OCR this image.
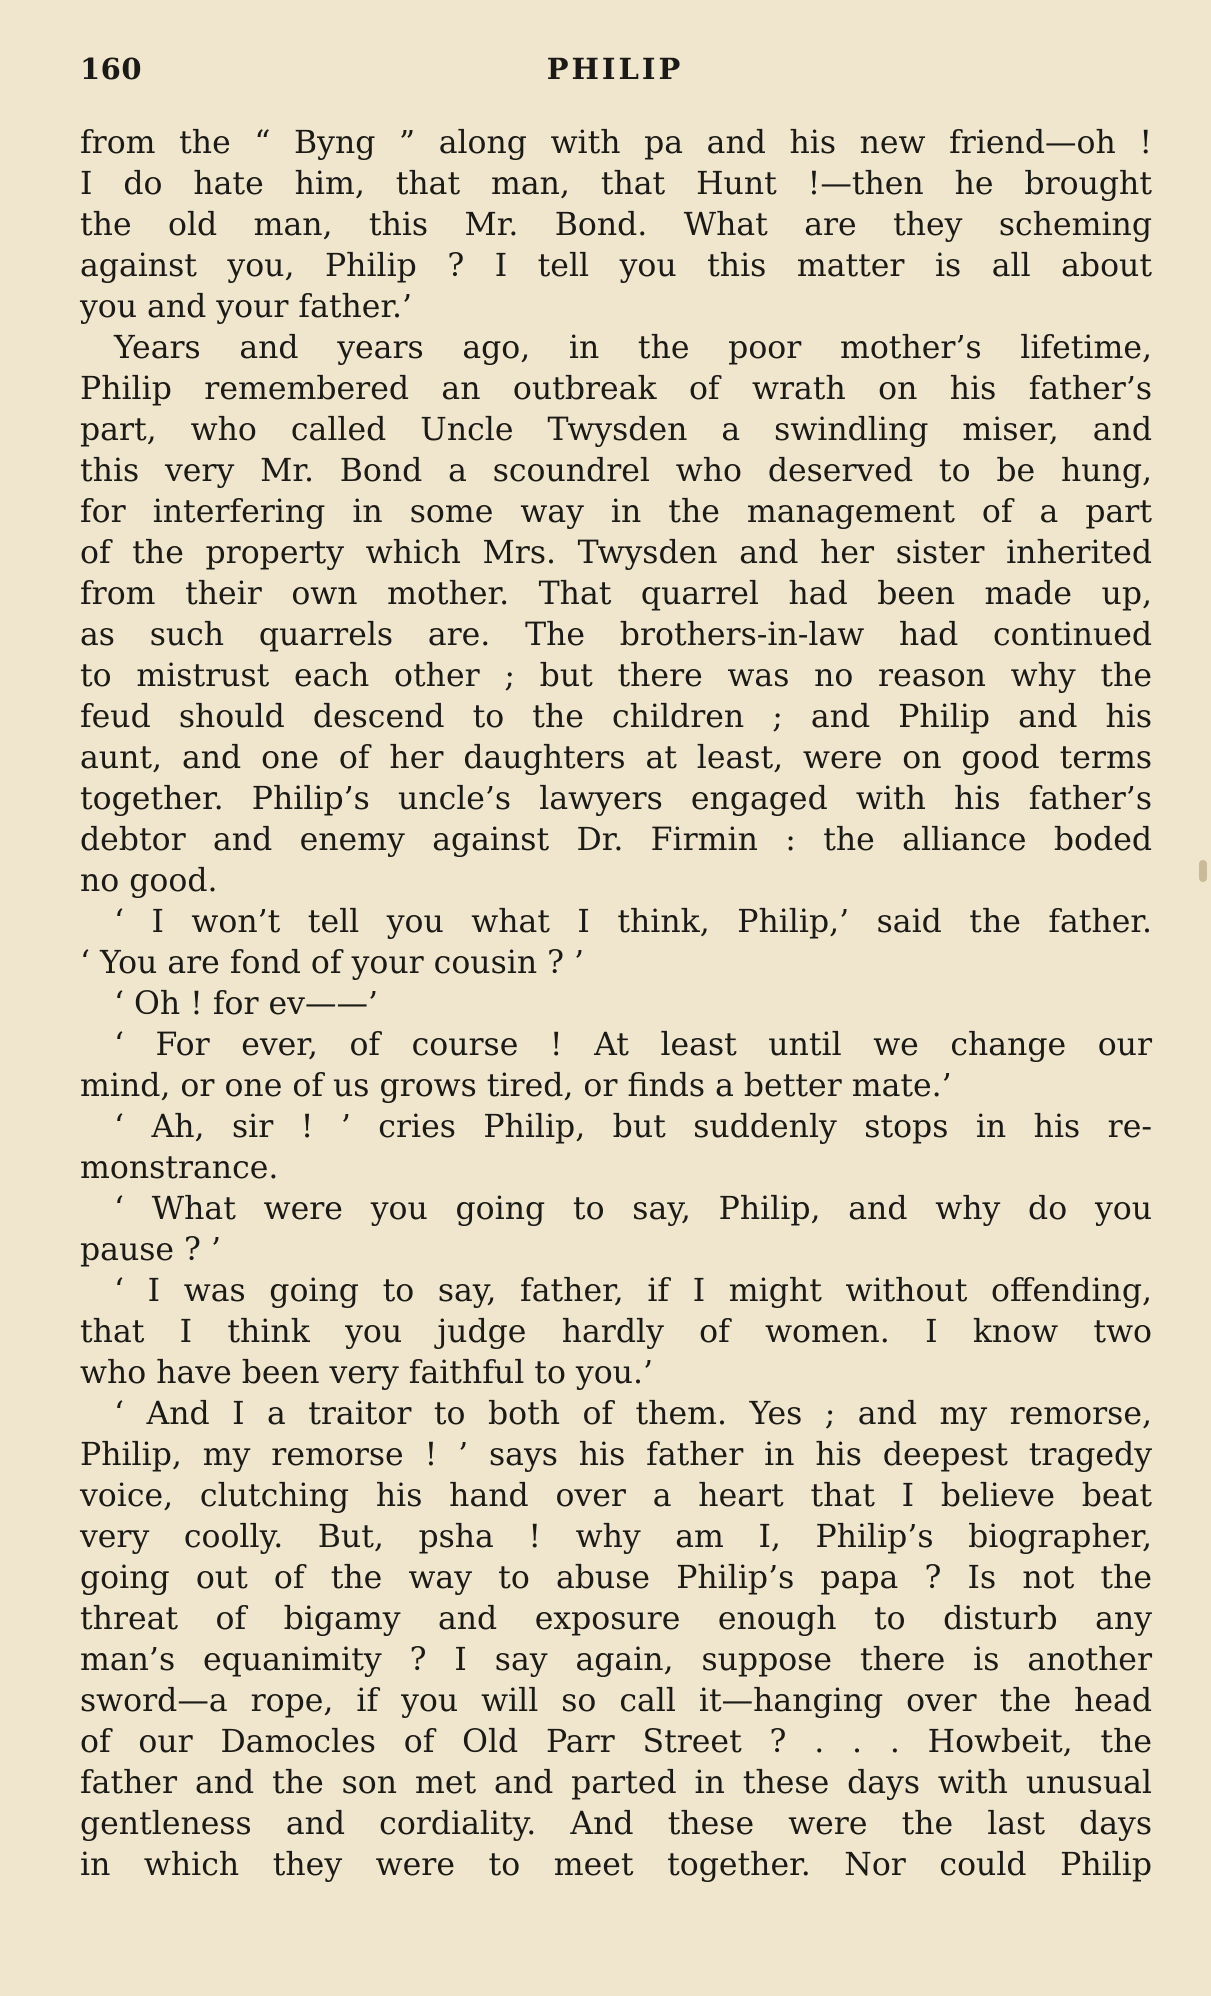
160	PHILIP
from the “ Byng ” along with pa and his new friend—oh !
I do hate him, that man, that Hunt !—then he brought
the old man, this Mr. Bond. What are they scheming
against you, Philip ? I tell you this matter is all about
you and your father.’
Years and years ago, in the poor mother’s lifetime,
Philip remembered an outbreak of wrath on his father’s
part, who called Uncle Twysden a swindling miser, and
this very Mr. Bond a scoundrel who deserved to be hung,
for interfering in some way in the management of a part
of the property which Mrs. Twysden and her sister inherited
from their own mother. That quarrel had been made up,
as such quarrels are. The brothers-in-law had continued
to mistrust each other ; but there was no reason why the
feud should descend to the children ; and Philip and his
aunt, and one of her daughters at least, were on good terms
together. Philip’s uncle’s lawyers engaged with his father’s
debtor and enemy against Dr. Firmin : the alliance boded
no good.
‘ I won’t tell you what I think, Philip,’ said the father.
‘ You are fond of your cousin ? ’
‘ Oh ! for ev——’
‘ For ever, of course ! At least until we change our
mind, or one of us grows tired, or finds a better mate.’
‘ Ah, sir ! ’ cries Philip, but suddenly stops in his re-
monstrance.
‘ What were you going to say, Philip, and why do you
pause ? ’
‘ I was going to say, father, if I might without offending,
that I think you judge hardly of women. I know two
who have been very faithful to you.’
‘ And I a traitor to both of them. Yes ; and my remorse,
Philip, my remorse ! ’ says his father in his deepest tragedy
voice, clutching his hand over a heart that I believe beat
very coolly. But, psha ! why am I, Philip’s biographer,
going out of the way to abuse Philip’s papa ? Is not the
threat of bigamy and exposure enough to disturb any
man’s equanimity ? I say again, suppose there is another
sword—a rope, if you will so call it—hanging over the head
of our Damocles of Old Parr Street ? . . . Howbeit, the
father and the son met and parted in these days with unusual
gentleness and cordiality. And these were the last days
in which they were to meet together. Nor could Philip
